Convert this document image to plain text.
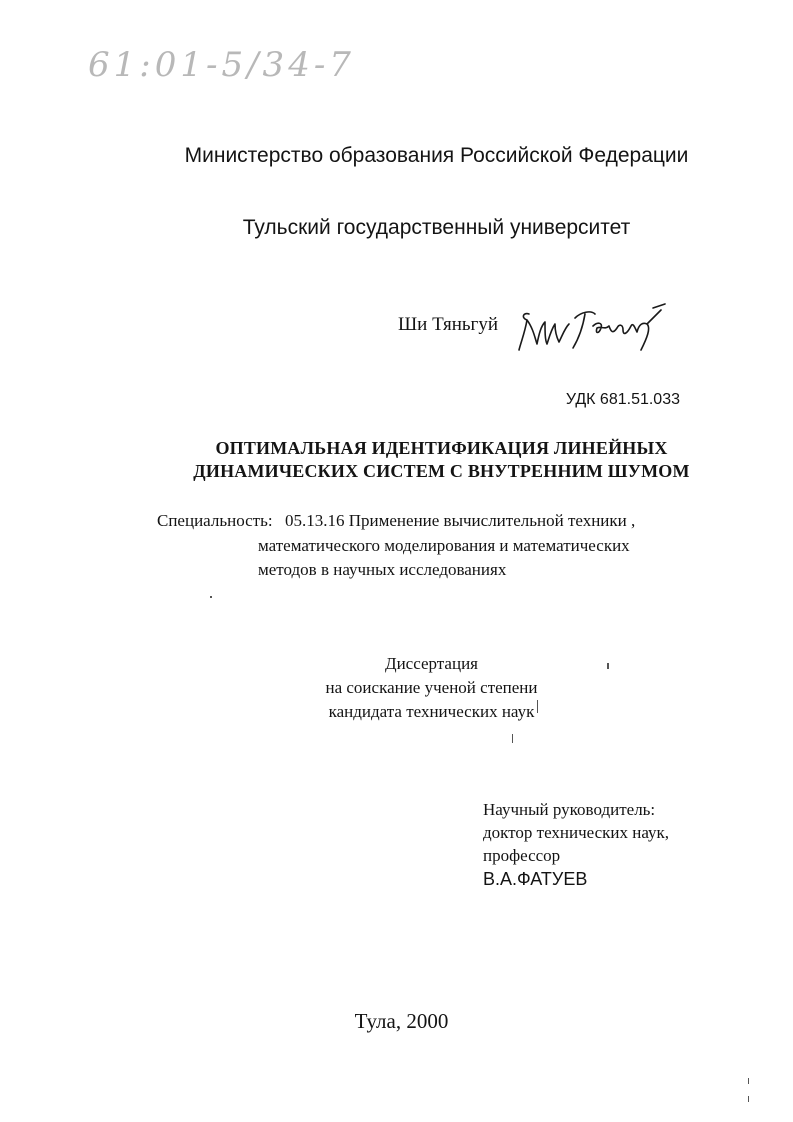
61:01-5/34-7
Министерство образования Российской Федерации
Тульский государственный университет
Ши Тяньгуй
УДК 681.51.033
ОПТИМАЛЬНАЯ ИДЕНТИФИКАЦИЯ ЛИНЕЙНЫХ
ДИНАМИЧЕСКИХ СИСТЕМ С ВНУТРЕННИМ ШУМОМ
Специальность: 05.13.16 Применение вычислительной техники ,
математического моделирования и математических
методов в научных исследованиях
Диссертация
на соискание ученой степени
кандидата технических наук
Научный руководитель:
доктор технических наук,
профессор
В.А.ФАТУЕВ
Тула, 2000
